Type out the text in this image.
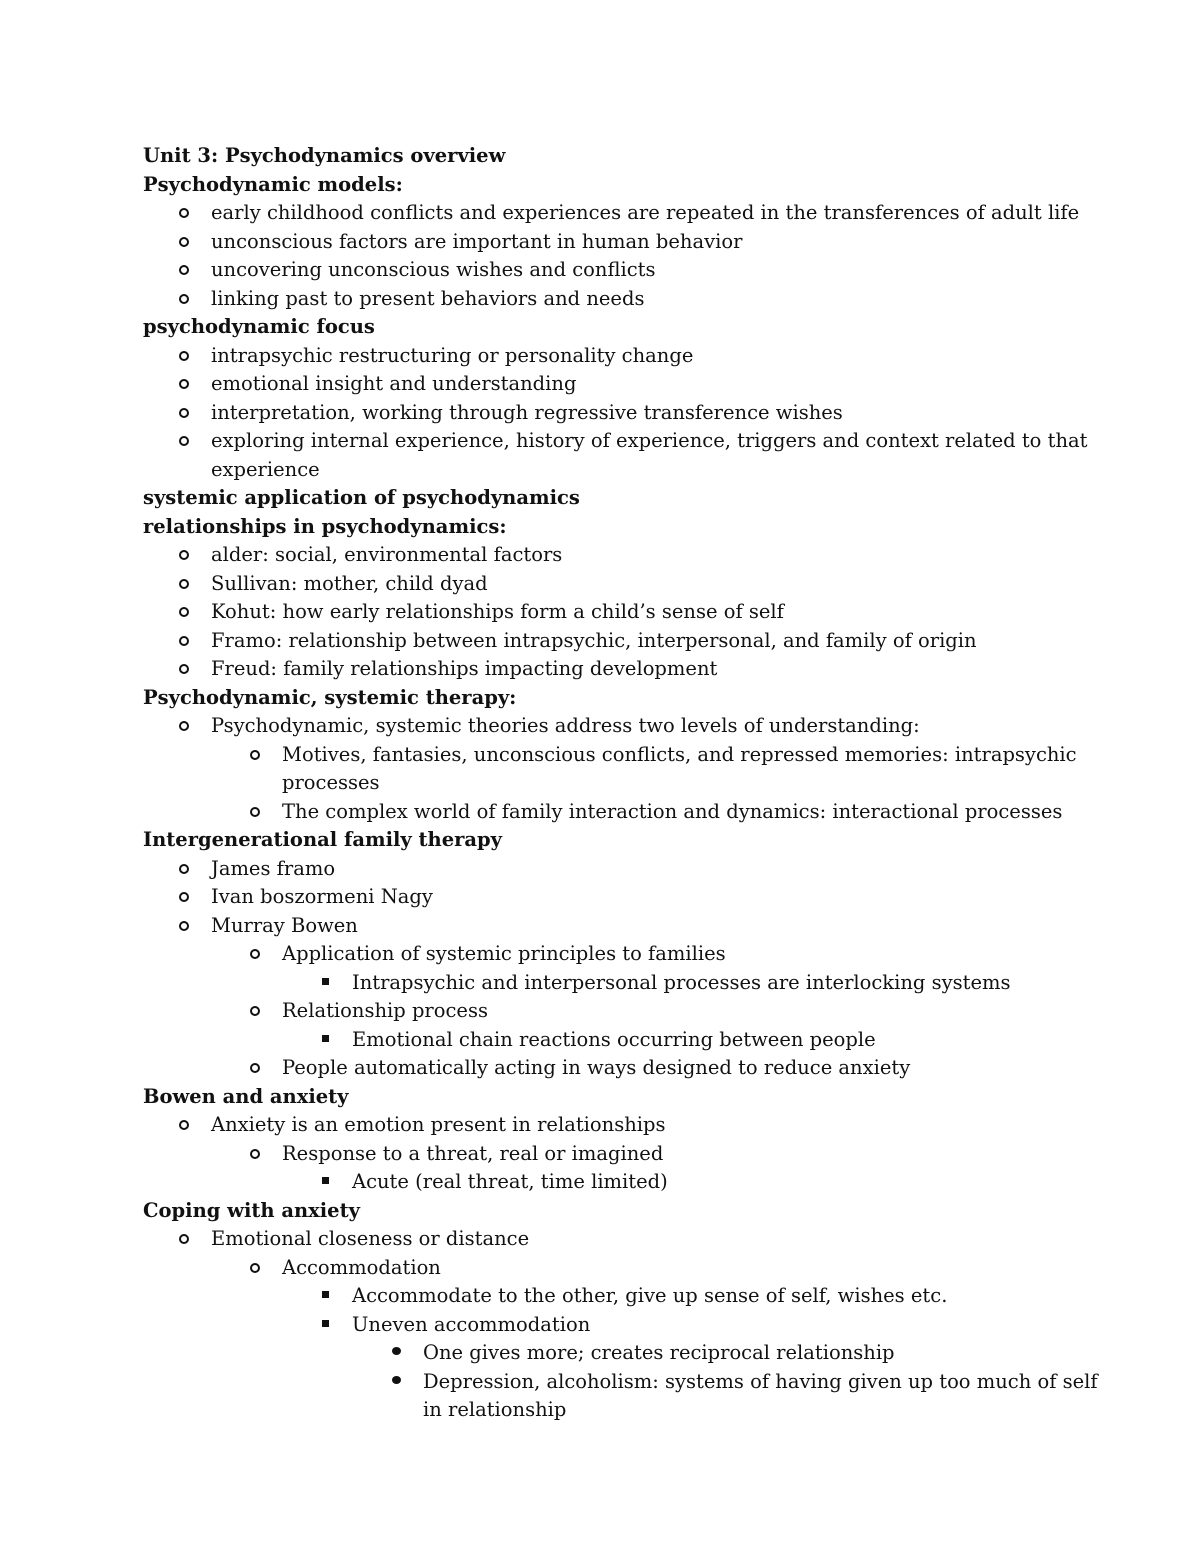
Unit 3: Psychodynamics overview
Psychodynamic models:
early childhood conflicts and experiences are repeated in the transferences of adult life
unconscious factors are important in human behavior
uncovering unconscious wishes and conflicts
linking past to present behaviors and needs
psychodynamic focus
intrapsychic restructuring or personality change
emotional insight and understanding
interpretation, working through regressive transference wishes
exploring internal experience, history of experience, triggers and context related to that experience
systemic application of psychodynamics
relationships in psychodynamics:
alder: social, environmental factors
Sullivan: mother, child dyad
Kohut: how early relationships form a child’s sense of self
Framo: relationship between intrapsychic, interpersonal, and family of origin
Freud: family relationships impacting development
Psychodynamic, systemic therapy:
Psychodynamic, systemic theories address two levels of understanding:
Motives, fantasies, unconscious conflicts, and repressed memories: intrapsychic processes
The complex world of family interaction and dynamics: interactional processes
Intergenerational family therapy
James framo
Ivan boszormeni Nagy
Murray Bowen
Application of systemic principles to families
Intrapsychic and interpersonal processes are interlocking systems
Relationship process
Emotional chain reactions occurring between people
People automatically acting in ways designed to reduce anxiety
Bowen and anxiety
Anxiety is an emotion present in relationships
Response to a threat, real or imagined
Acute (real threat, time limited)
Coping with anxiety
Emotional closeness or distance
Accommodation
Accommodate to the other, give up sense of self, wishes etc.
Uneven accommodation
One gives more; creates reciprocal relationship
Depression, alcoholism: systems of having given up too much of self in relationship
